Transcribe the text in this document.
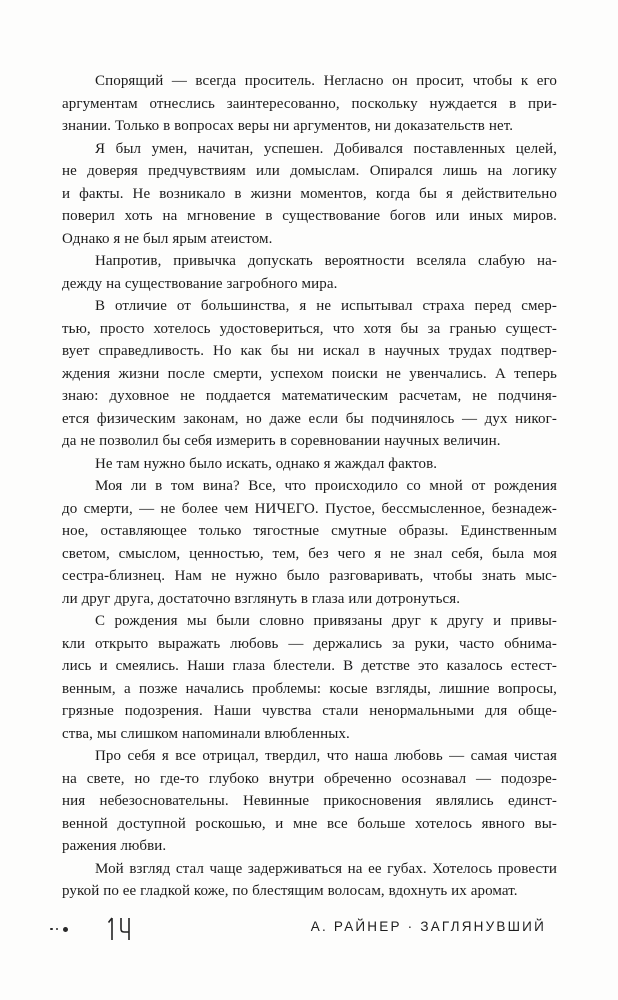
Спорящий — всегда проситель. Негласно он просит, чтобы к его
аргументам отнеслись заинтересованно, поскольку нуждается в при-
знании. Только в вопросах веры ни аргументов, ни доказательств нет.

Я был умен, начитан, успешен. Добивался поставленных целей,
не доверяя предчувствиям или домыслам. Опирался лишь на логику
и факты. Не возникало в жизни моментов, когда бы я действительно
поверил хоть на мгновение в существование богов или иных миров.
Однако я не был ярым атеистом.

Напротив, привычка допускать вероятности вселяла слабую на-
дежду на существование загробного мира.

В отличие от большинства, я не испытывал страха перед смер-
тью, просто хотелось удостовериться, что хотя бы за гранью сущест-
вует справедливость. Но как бы ни искал в научных трудах подтвер-
ждения жизни после смерти, успехом поиски не увенчались. А теперь
знаю: духовное не поддается математическим расчетам, не подчиня-
ется физическим законам, но даже если бы подчинялось — дух никог-
да не позволил бы себя измерить в соревновании научных величин.

Не там нужно было искать, однако я жаждал фактов.

Моя ли в том вина? Все, что происходило со мной от рождения
до смерти, — не более чем НИЧЕГО. Пустое, бессмысленное, безнадеж-
ное, оставляющее только тягостные смутные образы. Единственным
светом, смыслом, ценностью, тем, без чего я не знал себя, была моя
сестра-близнец. Нам не нужно было разговаривать, чтобы знать мыс-
ли друг друга, достаточно взглянуть в глаза или дотронуться.

С рождения мы были словно привязаны друг к другу и привы-
кли открыто выражать любовь — держались за руки, часто обнима-
лись и смеялись. Наши глаза блестели. В детстве это казалось естест-
венным, а позже начались проблемы: косые взгляды, лишние вопросы,
грязные подозрения. Наши чувства стали ненормальными для обще-
ства, мы слишком напоминали влюбленных.

Про себя я все отрицал, твердил, что наша любовь — самая чистая
на свете, но где-то глубоко внутри обреченно осознавал — подозре-
ния небезосновательны. Невинные прикосновения являлись единст-
венной доступной роскошью, и мне все больше хотелось явного вы-
ражения любви.

Мой взгляд стал чаще задерживаться на ее губах. Хотелось провести
рукой по ее гладкой коже, по блестящим волосам, вдохнуть их аромат.

А. РАЙНЕР · ЗАГЛЯНУВШИЙ
